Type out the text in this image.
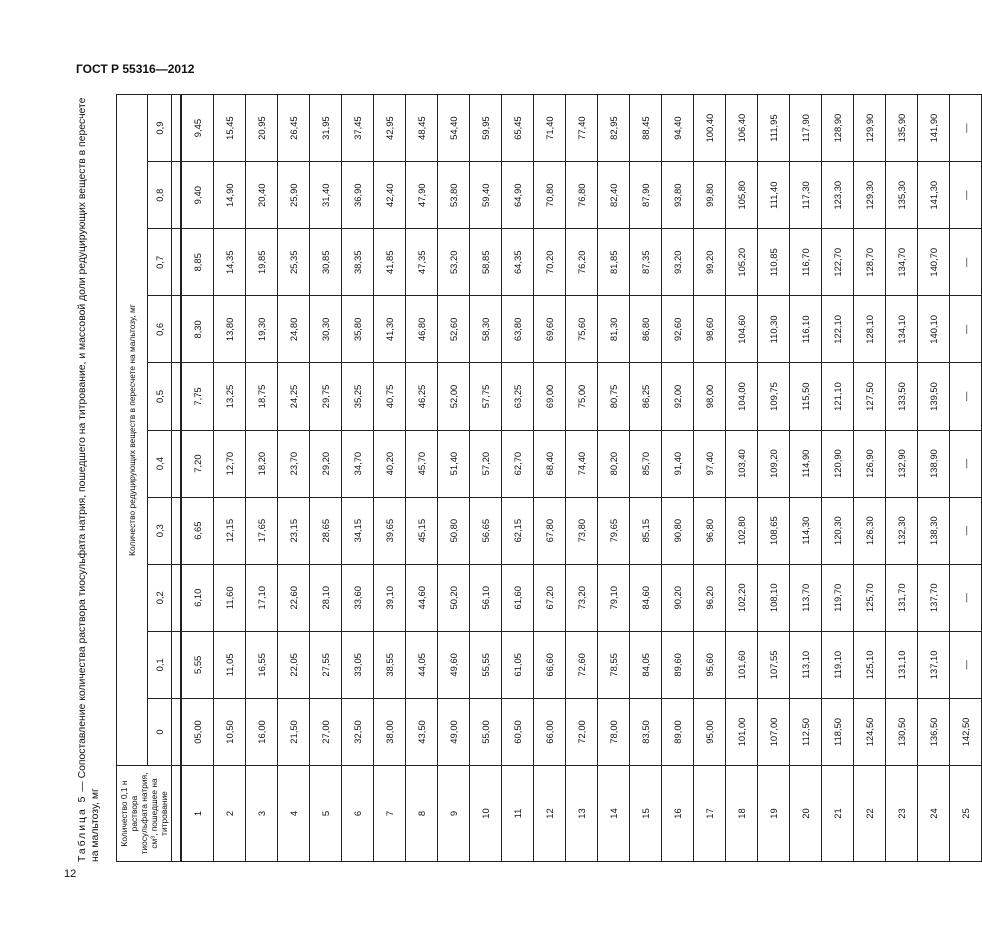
ГОСТ Р 55316—2012
Таблица 5 — Сопоставление количества раствора тиосульфата натрия, пошедшего на титрование, и массовой доли редуцирующих веществ в пересчете на мальтозу, мг	Количество 0,1 н раствора тиосульфата натрия, см³, пошедшее на титрование	Количество редуцирующих веществ в пересчете на мальтозу, мг									
	0	0,1	0,2	0,3	0,4	0,5	0,6	0,7	0,8	0,9

1	05,00	5,55	6,10	6,65	7,20	7,75	8,30	8,85	9,40	9,45
2	10,50	11,05	11,60	12,15	12,70	13,25	13,80	14,35	14,90	15,45
3	16,00	16,55	17,10	17,65	18,20	18,75	19,30	19,85	20,40	20,95
4	21,50	22,05	22,60	23,15	23,70	24,25	24,80	25,35	25,90	26,45
5	27,00	27,55	28,10	28,65	29,20	29,75	30,30	30,85	31,40	31,95
6	32,50	33,05	33,60	34,15	34,70	35,25	35,80	38,35	36,90	37,45
7	38,00	38,55	39,10	39,65	40,20	40,75	41,30	41,85	42,40	42,95
8	43,50	44,05	44,60	45,15	45,70	46,25	46,80	47,35	47,90	48,45
9	49,00	49,60	50,20	50,80	51,40	52,00	52,60	53,20	53,80	54,40
10	55,00	55,55	56,10	56,65	57,20	57,75	58,30	58,85	59,40	59,95
11	60,50	61,05	61,60	62,15	62,70	63,25	63,80	64,35	64,90	65,45
12	66,00	66,60	67,20	67,80	68,40	69,00	69,60	70,20	70,80	71,40
13	72,00	72,60	73,20	73,80	74,40	75,00	75,60	76,20	76,80	77,40
14	78,00	78,55	79,10	79,65	80,20	80,75	81,30	81,85	82,40	82,95
15	83,50	84,05	84,60	85,15	85,70	86,25	86,80	87,35	87,90	88,45
16	89,00	89,60	90,20	90,80	91,40	92,00	92,60	93,20	93,80	94,40
17	95,00	95,60	96,20	96,80	97,40	98,00	98,60	99,20	99,80	100,40
18	101,00	101,60	102,20	102,80	103,40	104,00	104,60	105,20	105,80	106,40
19	107,00	107,55	108,10	108,65	109,20	109,75	110,30	110,85	111,40	111,95
20	112,50	113,10	113,70	114,30	114,90	115,50	116,10	116,70	117,30	117,90
21	118,50	119,10	119,70	120,30	120,90	121,10	122,10	122,70	123,30	128,90
22	124,50	125,10	125,70	126,30	126,90	127,50	128,10	128,70	129,30	129,90
23	130,50	131,10	131,70	132,30	132,90	133,50	134,10	134,70	135,30	135,90
24	136,50	137,10	137,70	138,30	138,90	139,50	140,10	140,70	141,30	141,90
25	142,50	—	—	—	—	—	—	—	—	—
12
